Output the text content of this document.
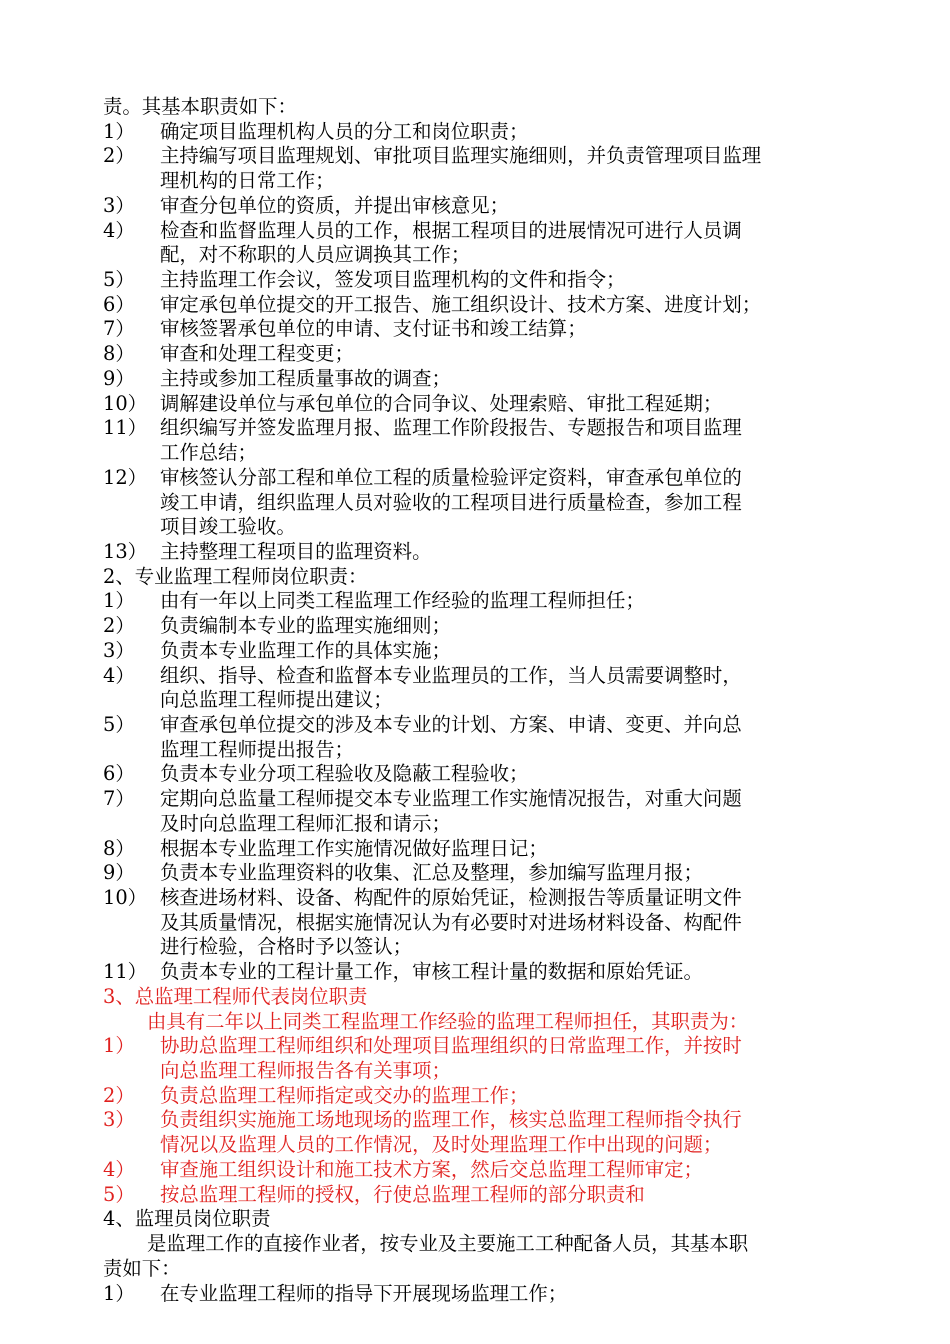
责。其基本职责如下：
1） 确定项目监理机构人员的分工和岗位职责；
2） 主持编写项目监理规划、审批项目监理实施细则，并负责管理项目监理
理机构的日常工作；
3） 审查分包单位的资质，并提出审核意见；
4） 检查和监督监理人员的工作，根据工程项目的进展情况可进行人员调
配，对不称职的人员应调换其工作；
5） 主持监理工作会议，签发项目监理机构的文件和指令；
6） 审定承包单位提交的开工报告、施工组织设计、技术方案、进度计划；
7） 审核签署承包单位的申请、支付证书和竣工结算；
8） 审查和处理工程变更；
9） 主持或参加工程质量事故的调查；
10） 调解建设单位与承包单位的合同争议、处理索赔、审批工程延期；
11） 组织编写并签发监理月报、监理工作阶段报告、专题报告和项目监理
工作总结；
12） 审核签认分部工程和单位工程的质量检验评定资料，审查承包单位的
竣工申请，组织监理人员对验收的工程项目进行质量检查，参加工程
项目竣工验收。
13） 主持整理工程项目的监理资料。
2、专业监理工程师岗位职责：
1） 由有一年以上同类工程监理工作经验的监理工程师担任；
2） 负责编制本专业的监理实施细则；
3） 负责本专业监理工作的具体实施；
4） 组织、指导、检查和监督本专业监理员的工作，当人员需要调整时，
向总监理工程师提出建议；
5） 审查承包单位提交的涉及本专业的计划、方案、申请、变更、并向总
监理工程师提出报告；
6） 负责本专业分项工程验收及隐蔽工程验收；
7） 定期向总监量工程师提交本专业监理工作实施情况报告，对重大问题
及时向总监理工程师汇报和请示；
8） 根据本专业监理工作实施情况做好监理日记；
9） 负责本专业监理资料的收集、汇总及整理，参加编写监理月报；
10） 核查进场材料、设备、构配件的原始凭证，检测报告等质量证明文件
及其质量情况，根据实施情况认为有必要时对进场材料设备、构配件
进行检验，合格时予以签认；
11） 负责本专业的工程计量工作，审核工程计量的数据和原始凭证。
3、总监理工程师代表岗位职责
由具有二年以上同类工程监理工作经验的监理工程师担任，其职责为：
1） 协助总监理工程师组织和处理项目监理组织的日常监理工作，并按时
向总监理工程师报告各有关事项；
2） 负责总监理工程师指定或交办的监理工作；
3） 负责组织实施施工场地现场的监理工作，核实总监理工程师指令执行
情况以及监理人员的工作情况，及时处理监理工作中出现的问题；
4） 审查施工组织设计和施工技术方案，然后交总监理工程师审定；
5） 按总监理工程师的授权，行使总监理工程师的部分职责和
4、监理员岗位职责
是监理工作的直接作业者，按专业及主要施工工种配备人员，其基本职
责如下：
1） 在专业监理工程师的指导下开展现场监理工作；
